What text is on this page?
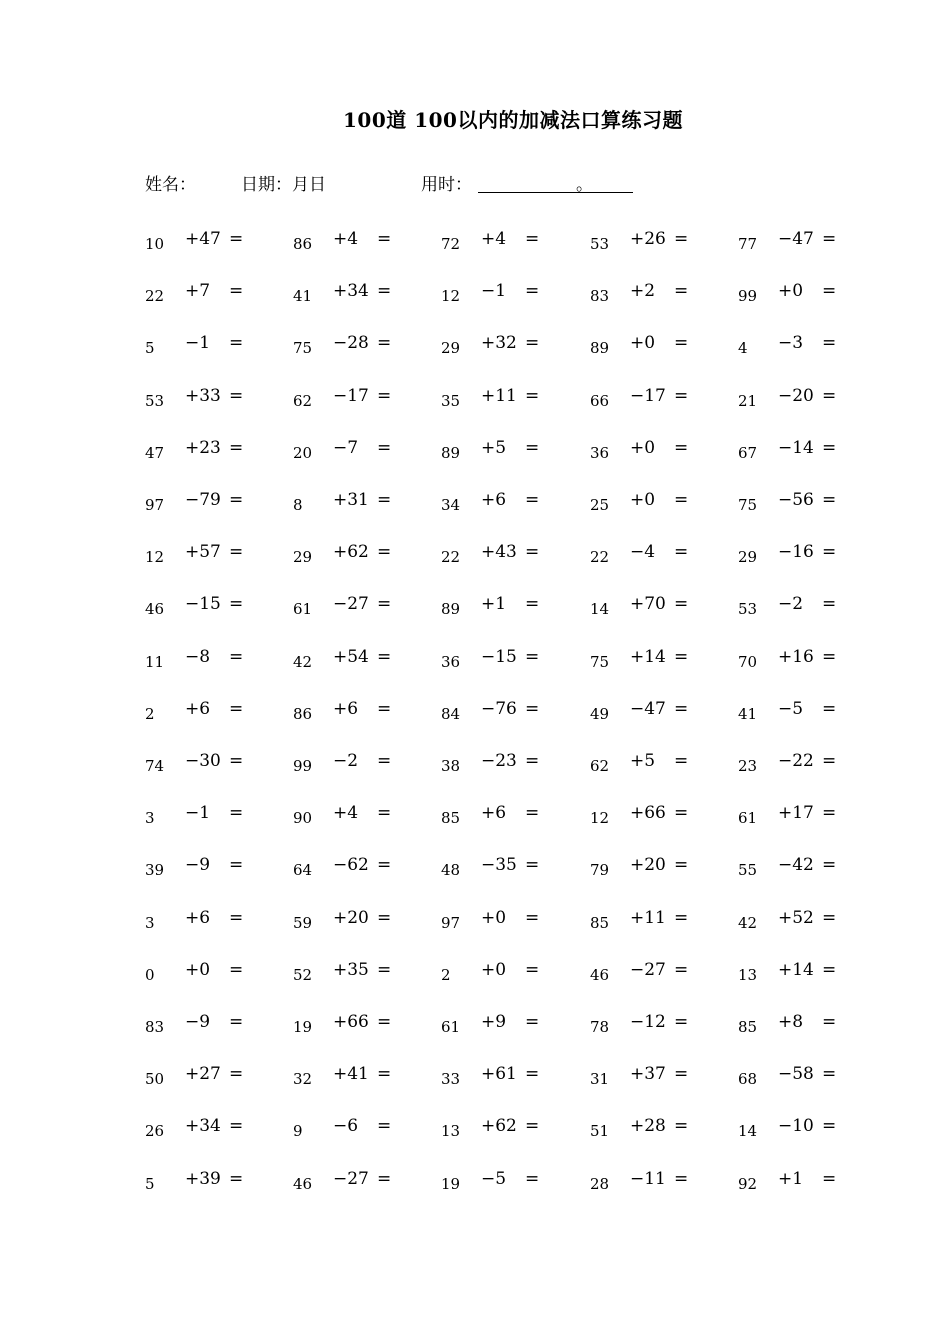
100道 100以内的加减法口算练习题
姓名：	日期：月日	用时：	。
10 +47 =	86 +4 =	72 +4 =	53 +26 =	77 −47 =
22 +7 =	41 +34 =	12 −1 =	83 +2 =	99 +0 =
5 −1 =	75 −28 =	29 +32 =	89 +0 =	4 −3 =
53 +33 =	62 −17 =	35 +11 =	66 −17 =	21 −20 =
47 +23 =	20 −7 =	89 +5 =	36 +0 =	67 −14 =
97 −79 =	8 +31 =	34 +6 =	25 +0 =	75 −56 =
12 +57 =	29 +62 =	22 +43 =	22 −4 =	29 −16 =
46 −15 =	61 −27 =	89 +1 =	14 +70 =	53 −2 =
11 −8 =	42 +54 =	36 −15 =	75 +14 =	70 +16 =
2 +6 =	86 +6 =	84 −76 =	49 −47 =	41 −5 =
74 −30 =	99 −2 =	38 −23 =	62 +5 =	23 −22 =
3 −1 =	90 +4 =	85 +6 =	12 +66 =	61 +17 =
39 −9 =	64 −62 =	48 −35 =	79 +20 =	55 −42 =
3 +6 =	59 +20 =	97 +0 =	85 +11 =	42 +52 =
0 +0 =	52 +35 =	2 +0 =	46 −27 =	13 +14 =
83 −9 =	19 +66 =	61 +9 =	78 −12 =	85 +8 =
50 +27 =	32 +41 =	33 +61 =	31 +37 =	68 −58 =
26 +34 =	9 −6 =	13 +62 =	51 +28 =	14 −10 =
5 +39 =	46 −27 =	19 −5 =	28 −11 =	92 +1 =
